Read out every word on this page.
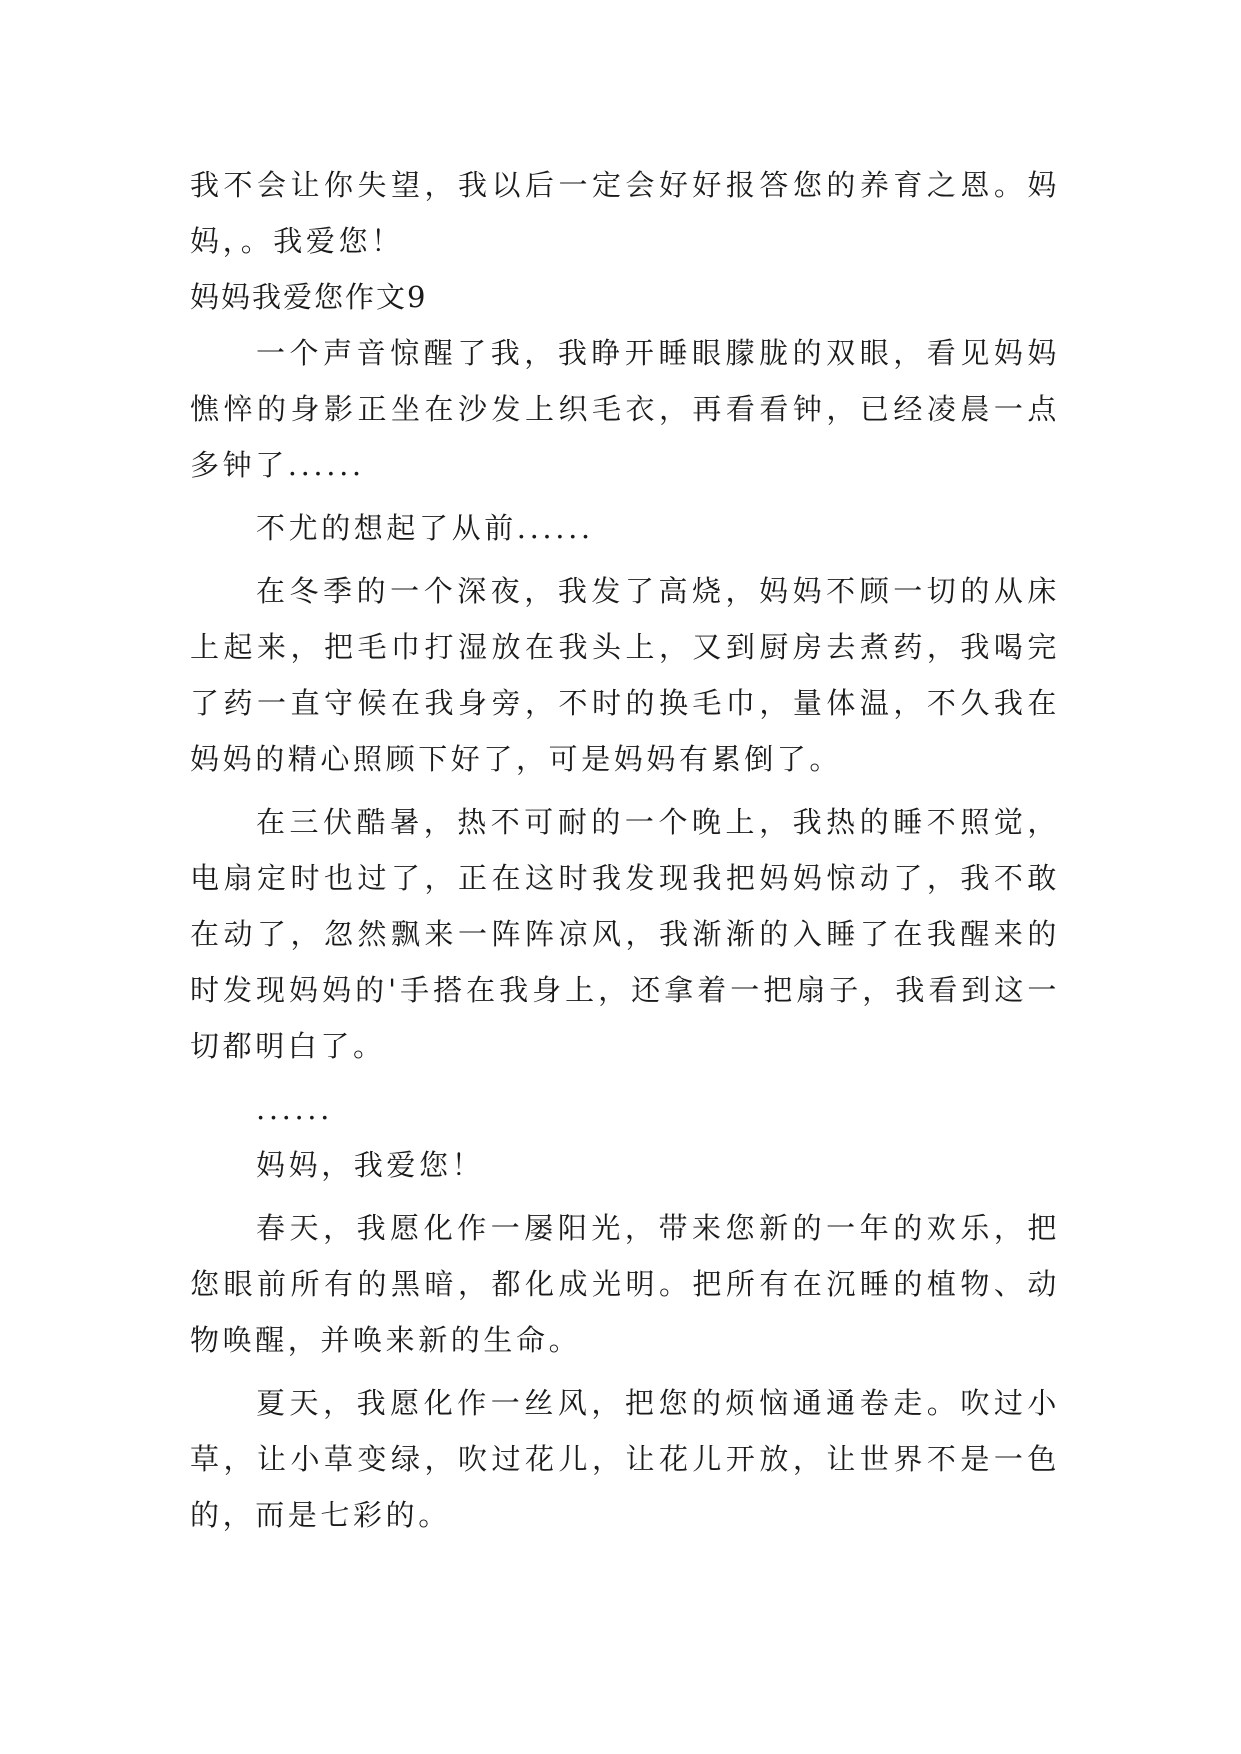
我不会让你失望，我以后一定会好好报答您的养育之恩。妈妈，。我爱您！

妈妈我爱您作文9

一个声音惊醒了我，我睁开睡眼朦胧的双眼，看见妈妈憔悴的身影正坐在沙发上织毛衣，再看看钟，已经凌晨一点多钟了......

不尤的想起了从前......

在冬季的一个深夜，我发了高烧，妈妈不顾一切的从床上起来，把毛巾打湿放在我头上，又到厨房去煮药，我喝完了药一直守候在我身旁，不时的换毛巾，量体温，不久我在妈妈的精心照顾下好了，可是妈妈有累倒了。

在三伏酷暑，热不可耐的一个晚上，我热的睡不照觉，电扇定时也过了，正在这时我发现我把妈妈惊动了，我不敢在动了，忽然飘来一阵阵凉风，我渐渐的入睡了在我醒来的时发现妈妈的'手搭在我身上，还拿着一把扇子，我看到这一切都明白了。

......

妈妈，我爱您！

春天，我愿化作一屡阳光，带来您新的一年的欢乐，把您眼前所有的黑暗，都化成光明。把所有在沉睡的植物、动物唤醒，并唤来新的生命。

夏天，我愿化作一丝风，把您的烦恼通通卷走。吹过小草，让小草变绿，吹过花儿，让花儿开放，让世界不是一色的，而是七彩的。
